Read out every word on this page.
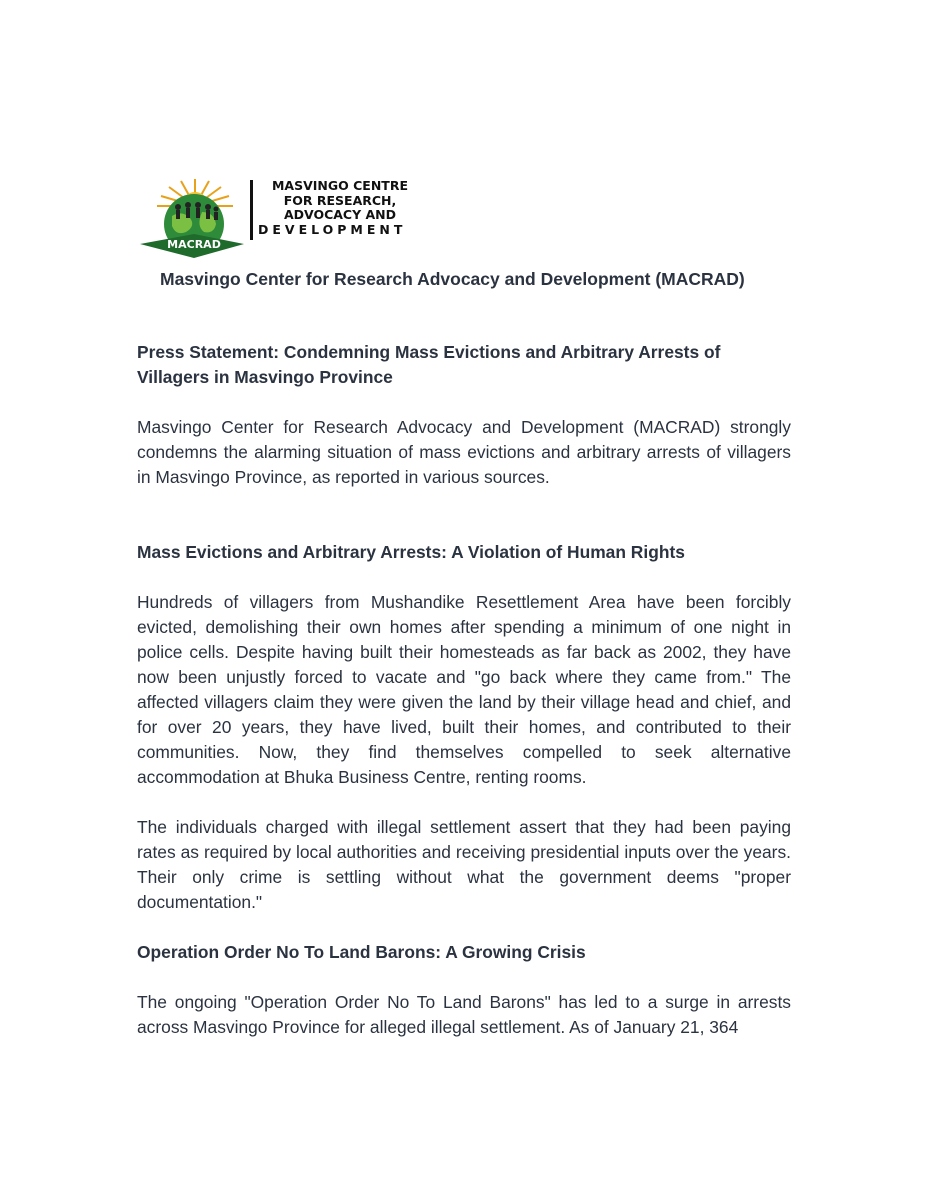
MACRAD
MASVINGO CENTRE
FOR RESEARCH,
ADVOCACY AND
DEVELOPMENT
Masvingo Center for Research Advocacy and Development (MACRAD)
Press Statement: Condemning Mass Evictions and Arbitrary Arrests of Villagers in Masvingo Province

Masvingo Center for Research Advocacy and Development (MACRAD) strongly condemns the alarming situation of mass evictions and arbitrary arrests of villagers in Masvingo Province, as reported in various sources.

Mass Evictions and Arbitrary Arrests: A Violation of Human Rights

Hundreds of villagers from Mushandike Resettlement Area have been forcibly evicted, demolishing their own homes after spending a minimum of one night in police cells. Despite having built their homesteads as far back as 2002, they have now been unjustly forced to vacate and "go back where they came from." The affected villagers claim they were given the land by their village head and chief, and for over 20 years, they have lived, built their homes, and contributed to their communities. Now, they find themselves compelled to seek alternative accommodation at Bhuka Business Centre, renting rooms.

The individuals charged with illegal settlement assert that they had been paying rates as required by local authorities and receiving presidential inputs over the years. Their only crime is settling without what the government deems "proper documentation."

Operation Order No To Land Barons: A Growing Crisis

The ongoing "Operation Order No To Land Barons" has led to a surge in arrests across Masvingo Province for alleged illegal settlement. As of January 21, 364
